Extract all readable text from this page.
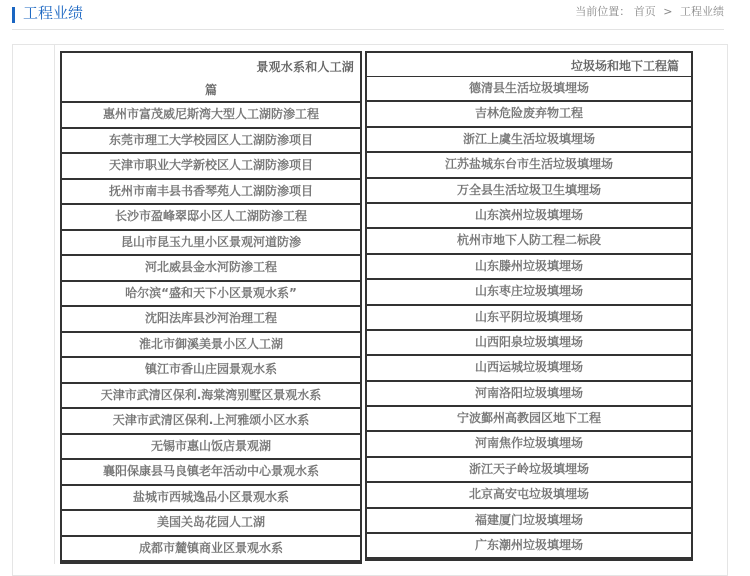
工程业绩	当前位置： 首页 > 工程业绩
景观水系和人工湖
篇
惠州市富茂威尼斯湾大型人工湖防渗工程
东莞市理工大学校园区人工湖防渗项目
天津市职业大学新校区人工湖防渗项目
抚州市南丰县书香琴苑人工湖防渗项目
长沙市盈峰翠邸小区人工湖防渗工程
昆山市昆玉九里小区景观河道防渗
河北威县金水河防渗工程
哈尔滨“盛和天下小区景观水系”
沈阳法库县沙河治理工程
淮北市御溪美景小区人工湖
镇江市香山庄园景观水系
天津市武清区保利.海棠湾别墅区景观水系
天津市武清区保利.上河雅颂小区水系
无锡市惠山饭店景观湖
襄阳保康县马良镇老年活动中心景观水系
盐城市西城逸品小区景观水系
美国关岛花园人工湖
成都市麓镇商业区景观水系
垃圾场和地下工程篇
德清县生活垃圾填埋场
吉林危险废弃物工程
浙江上虞生活垃圾填埋场
江苏盐城东台市生活垃圾填埋场
万全县生活垃圾卫生填埋场
山东滨州垃圾填埋场
杭州市地下人防工程二标段
山东滕州垃圾填埋场
山东枣庄垃圾填埋场
山东平阴垃圾填埋场
山西阳泉垃圾填埋场
山西运城垃圾填埋场
河南洛阳垃圾填埋场
宁波鄞州高教园区地下工程
河南焦作垃圾填埋场
浙江天子岭垃圾填埋场
北京高安屯垃圾填埋场
福建厦门垃圾填埋场
广东潮州垃圾填埋场
